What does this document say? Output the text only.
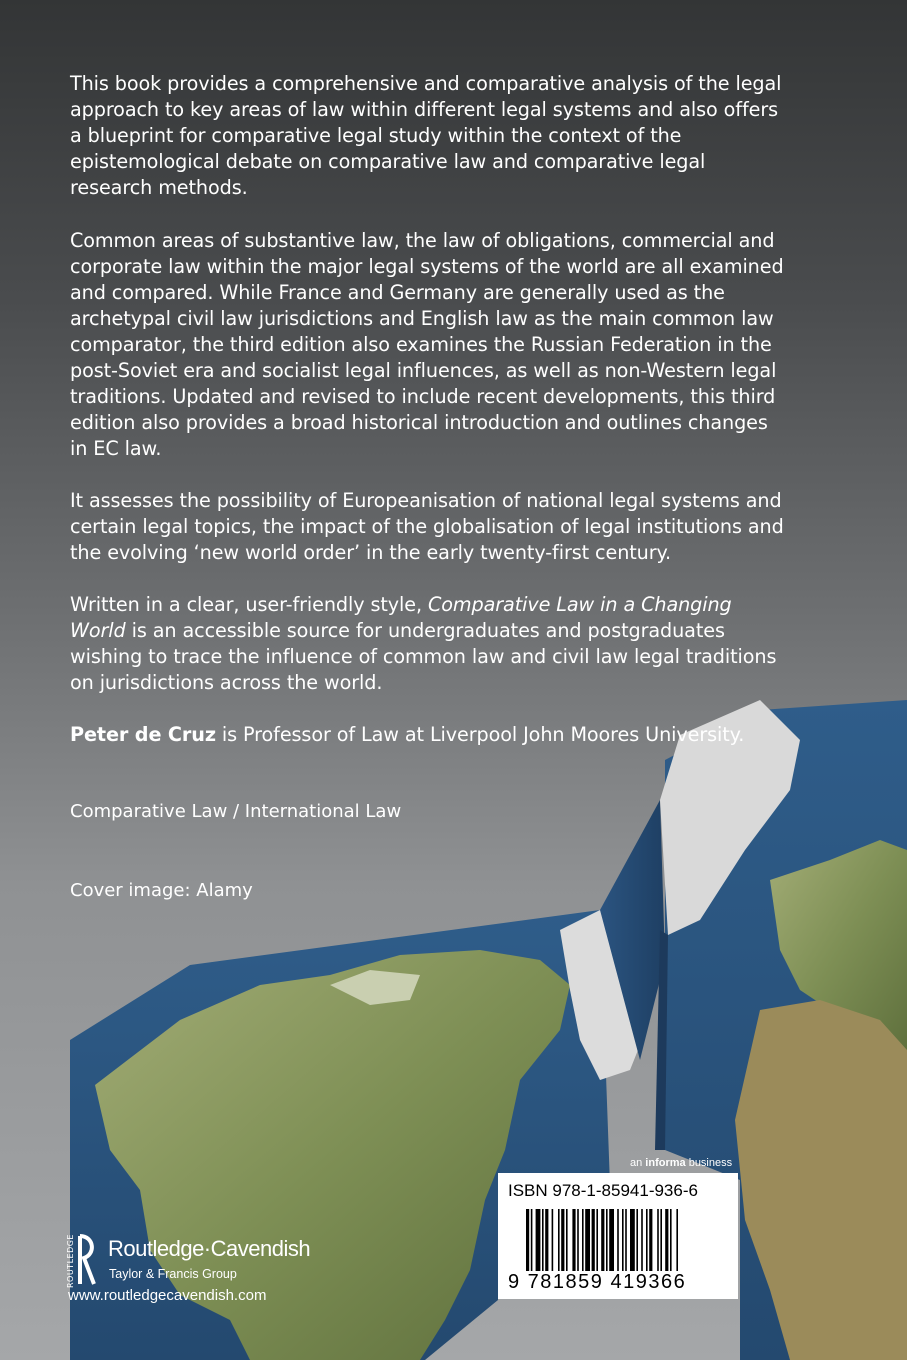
This book provides a comprehensive and comparative analysis of the legal approach to key areas of law within different legal systems and also offers a blueprint for comparative legal study within the context of the epistemological debate on comparative law and comparative legal research methods.

Common areas of substantive law, the law of obligations, commercial and corporate law within the major legal systems of the world are all examined and compared. While France and Germany are generally used as the archetypal civil law jurisdictions and English law as the main common law comparator, the third edition also examines the Russian Federation in the post-Soviet era and socialist legal influences, as well as non-Western legal traditions. Updated and revised to include recent developments, this third edition also provides a broad historical introduction and outlines changes in EC law.

It assesses the possibility of Europeanisation of national legal systems and certain legal topics, the impact of the globalisation of legal institutions and the evolving ‘new world order’ in the early twenty-first century.

Written in a clear, user-friendly style, Comparative Law in a Changing World is an accessible source for undergraduates and postgraduates wishing to trace the influence of common law and civil law legal traditions on jurisdictions across the world.

Peter de Cruz is Professor of Law at Liverpool John Moores University.

Comparative Law / International Law

Cover image: Alamy

ROUTLEDGE Routledge·Cavendish
Taylor & Francis Group
www.routledgecavendish.com
an informa business
ISBN 978-1-85941-936-6
9 781859 419366
